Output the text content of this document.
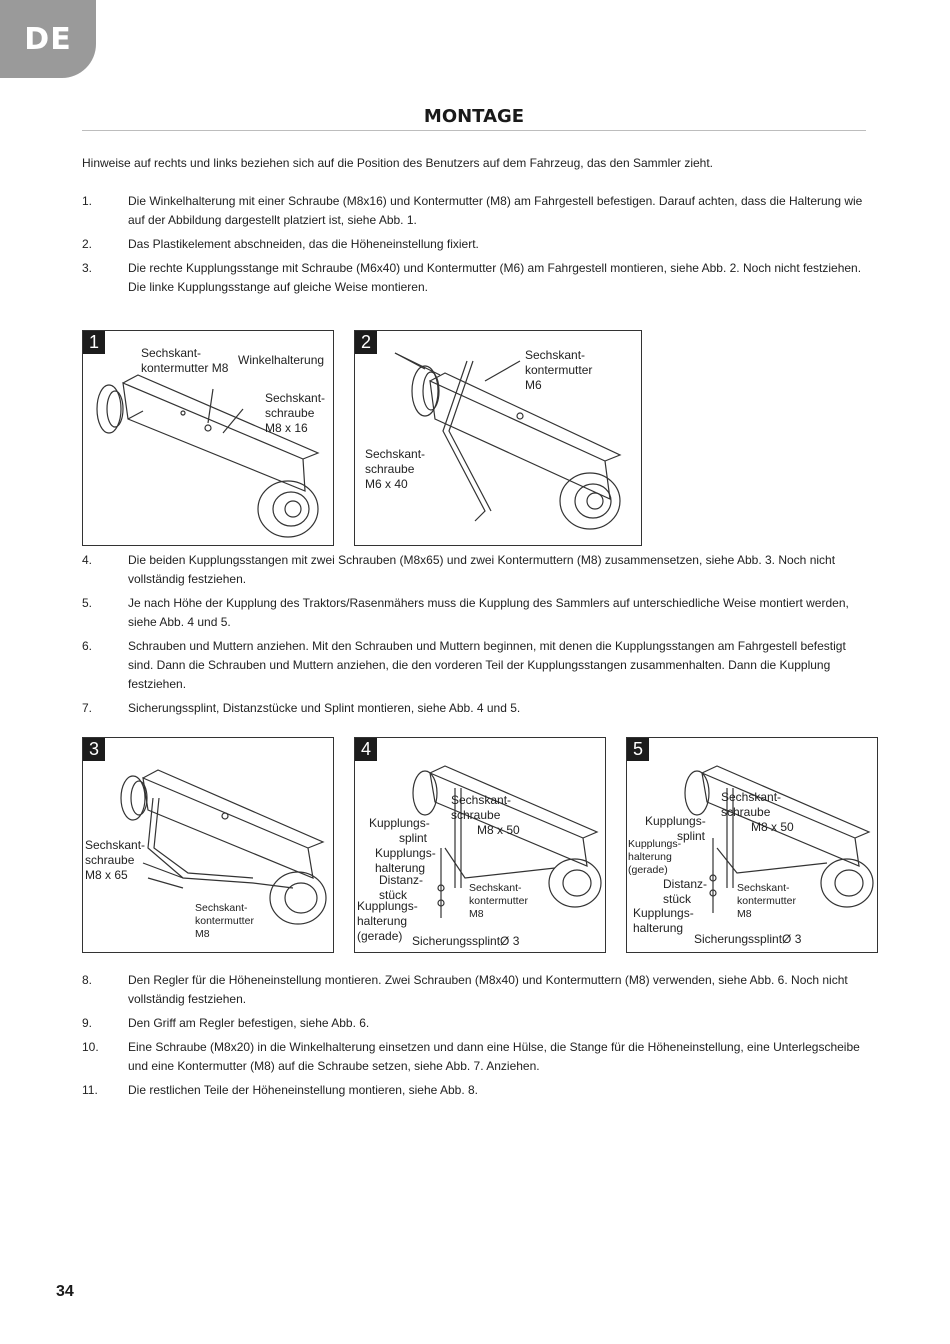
DE
MONTAGE
Hinweise auf rechts und links beziehen sich auf die Position des Benutzers auf dem Fahrzeug, das den Sammler zieht.
1.	Die Winkelhalterung mit einer Schraube (M8x16) und Kontermutter (M8) am Fahrgestell befestigen. Darauf achten, dass die Halterung wie auf der Abbildung dargestellt platziert ist, siehe Abb. 1.
2.	Das Plastikelement abschneiden, das die Höheneinstellung fixiert.
3.	Die rechte Kupplungsstange mit Schraube (M6x40) und Kontermutter (M6) am Fahrgestell montieren, siehe Abb. 2. Noch nicht festziehen. Die linke Kupplungsstange auf gleiche Weise montieren.
1
Sechskant-
kontermutter M8
Winkelhalterung
Sechskant-
schraube
M8 x 16
2
Sechskant-
kontermutter
M6
Sechskant-
schraube
M6 x 40
4.	Die beiden Kupplungsstangen mit zwei Schrauben (M8x65) und zwei Kontermuttern (M8) zusammensetzen, siehe Abb. 3. Noch nicht vollständig festziehen.
5.	Je nach Höhe der Kupplung des Traktors/Rasenmähers muss die Kupplung des Sammlers auf unterschiedliche Weise montiert werden, siehe Abb. 4 und 5.
6.	Schrauben und Muttern anziehen. Mit den Schrauben und Muttern beginnen, mit denen die Kupplungsstangen am Fahrgestell befestigt sind. Dann die Schrauben und Muttern anziehen, die den vorderen Teil der Kupplungsstangen zusammenhalten. Dann die Kupplung festziehen.
7.	Sicherungssplint, Distanzstücke und Splint montieren, siehe Abb. 4 und 5.
3
Sechskant-
schraube
M8 x 65
Sechskant-
kontermutter
M8
4
Sechskant-
schraube
M8 x 50
Kupplungs-
splint
Kupplungs-
halterung
Distanz-
stück
Kupplungs-
halterung
(gerade)
Sechskant-
kontermutter
M8
SicherungssplintØ 3
5
Sechskant-
schraube
M8 x 50
Kupplungs-
splint
Kupplungs-
halterung
(gerade)
Distanz-
stück
Kupplungs-
halterung
Sechskant-
kontermutter
M8
SicherungssplintØ 3
8.	Den Regler für die Höheneinstellung montieren. Zwei Schrauben (M8x40) und Kontermuttern (M8) verwenden, siehe Abb. 6. Noch nicht vollständig festziehen.
9.	Den Griff am Regler befestigen, siehe Abb. 6.
10.	Eine Schraube (M8x20) in die Winkelhalterung einsetzen und dann eine Hülse, die Stange für die Höheneinstellung, eine Unterlegscheibe und eine Kontermutter (M8) auf die Schraube setzen, siehe Abb. 7. Anziehen.
11.	Die restlichen Teile der Höheneinstellung montieren, siehe Abb. 8.
34
